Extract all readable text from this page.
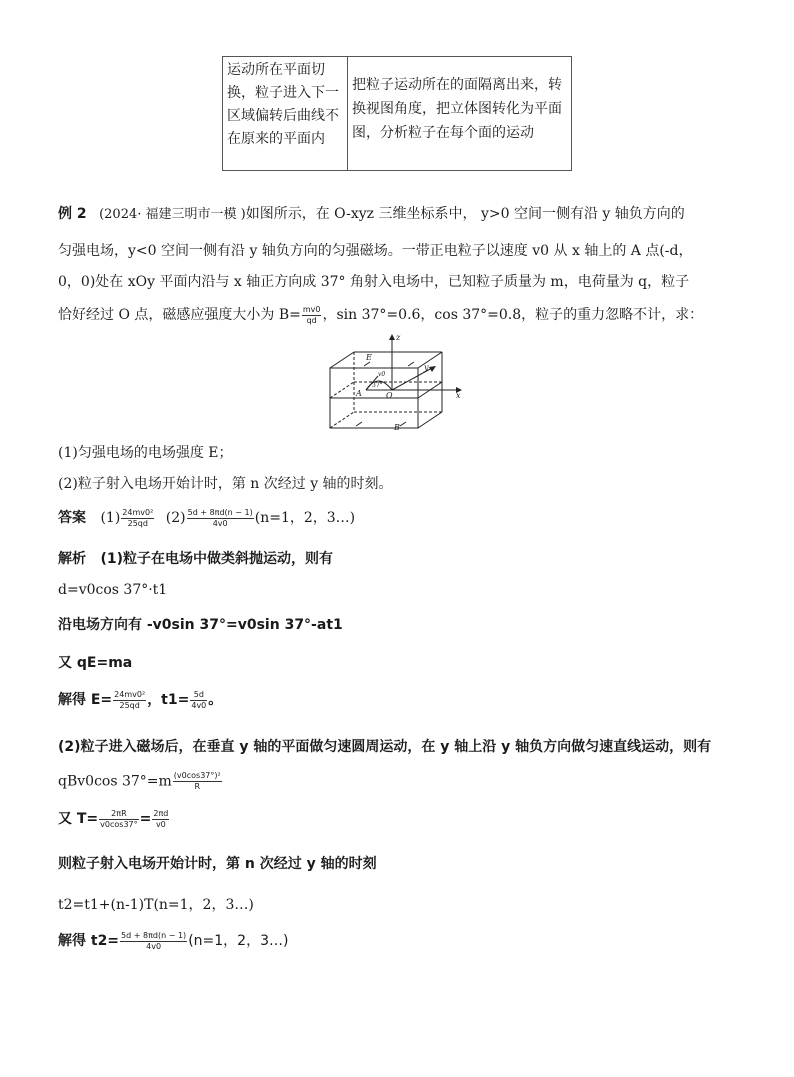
运动所在平面切
换，粒子进入下一
区域偏转后曲线不
在原来的平面内
把粒子运动所在的面隔离出来，转
换视图角度，把立体图转化为平面
图，分析粒子在每个面的运动
例 2 (2024· 福建三明市一模 )如图所示，在 O-xyz 三维坐标系中， y>0 空间一侧有沿 y 轴负方向的
匀强电场，y<0 空间一侧有沿 y 轴负方向的匀强磁场。一带正电粒子以速度 v0 从 x 轴上的 A 点(-d，
0，0)处在 xOy 平面内沿与 x 轴正方向成 37° 角射入电场中，已知粒子质量为 m，电荷量为 q，粒子
恰好经过 O 点，磁感应强度大小为 $B= \frac{mv0}{qd}$ ，sin 37°=0.6，cos 37°=0.8，粒子的重力忽略不计，求：
z
E
y
v0
37°
A	O	x
B
(1)匀强电场的电场强度 E；
(2)粒子射入电场开始计时，第 n 次经过 y 轴的时刻。
答案 $(1) \frac{\text{24mv0²}}{25qd} (2) \frac{5d + 8\pi d(n - 1)}{4v0} (n=1$，2，3…)
解析 (1)粒子在电场中做类斜抛运动，则有
d=v0cos 37°·t1
沿电场方向有 -v0sin 37°=v0sin 37°-at1
又 qE=ma
解得 $E= \frac{\text{24mv0²}}{25qd}$ ，$t1= \frac{5d}{4v0}$ 。
(2)粒子进入磁场后，在垂直 y 轴的平面做匀速圆周运动，在 y 轴上沿 y 轴负方向做匀速直线运动，则有
qBv0cos $37^\circ=m \frac{\text{(v0cos37°)²}}{R}$
又 $T= \frac{2\pi R}{v0\cos 37^\circ} = \frac{2\pi d}{v0}$
则粒子射入电场开始计时，第 n 次经过 y 轴的时刻
t2=t1+(n-1)T(n=1，2，3…)
解得 $t2= \frac{5d + 8\pi d(n - 1)}{4v0} (n=1$，2，3…)
